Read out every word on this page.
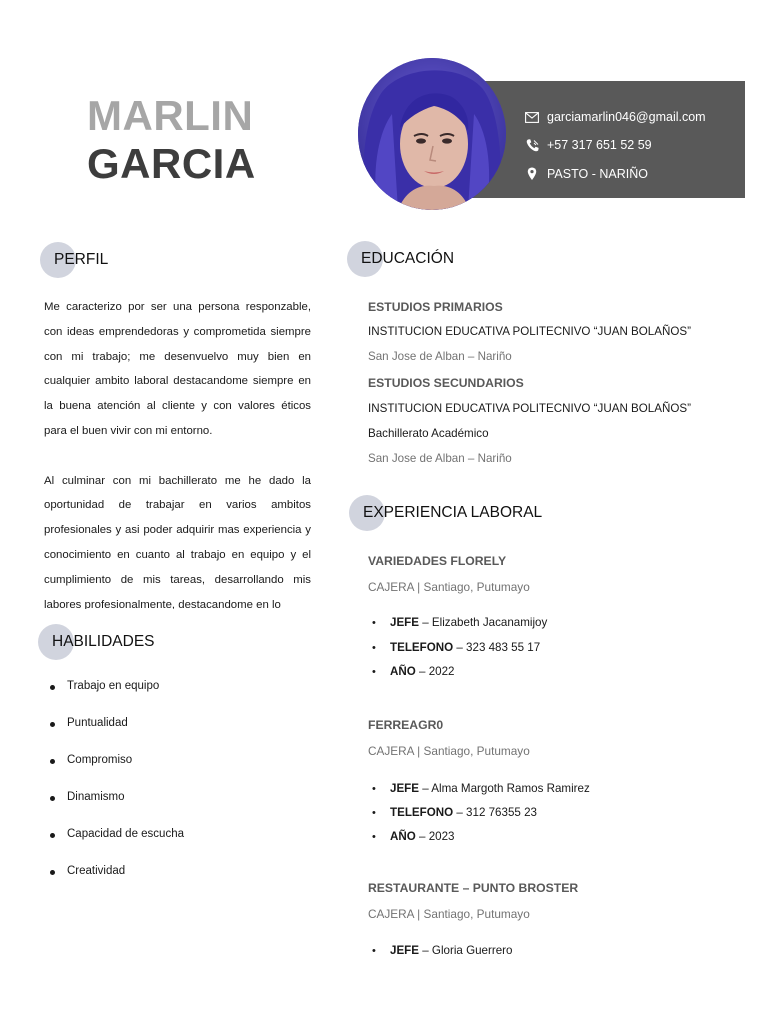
MARLIN
GARCIA
garciamarlin046@gmail.com
+57 317 651 52 59
PASTO - NARIÑO
PERFIL

Me caracterizo por ser una persona responzable, con ideas emprendedoras y comprometida siempre con mi trabajo; me desenvuelvo muy bien en cualquier ambito laboral destacandome siempre en la buena atención al cliente y con valores éticos para el buen vivir con mi entorno.

Al culminar con mi bachillerato me he dado la oportunidad de trabajar en varios ambitos profesionales y asi poder adquirir mas experiencia y conocimiento en cuanto al trabajo en equipo y el cumplimiento de mis tareas, desarrollando mis labores profesionalmente, destacandome en lo

HABILIDADES
Trabajo en equipo
Puntualidad
Compromiso
Dinamismo
Capacidad de escucha
Creatividad
EDUCACIÓN
ESTUDIOS PRIMARIOS
INSTITUCION EDUCATIVA POLITECNIVO “JUAN BOLAÑOS”
San Jose de Alban – Nariño
ESTUDIOS SECUNDARIOS
INSTITUCION EDUCATIVA POLITECNIVO “JUAN BOLAÑOS”
Bachillerato Académico
San Jose de Alban – Nariño
EXPERIENCIA LABORAL
VARIEDADES FLORELY
CAJERA | Santiago, Putumayo
• JEFE – Elizabeth Jacanamijoy
• TELEFONO – 323 483 55 17
• AÑO – 2022
FERREAGR0
CAJERA | Santiago, Putumayo
• JEFE – Alma Margoth Ramos Ramirez
• TELEFONO – 312 76355 23
• AÑO – 2023
RESTAURANTE – PUNTO BROSTER
CAJERA | Santiago, Putumayo
• JEFE – Gloria Guerrero
